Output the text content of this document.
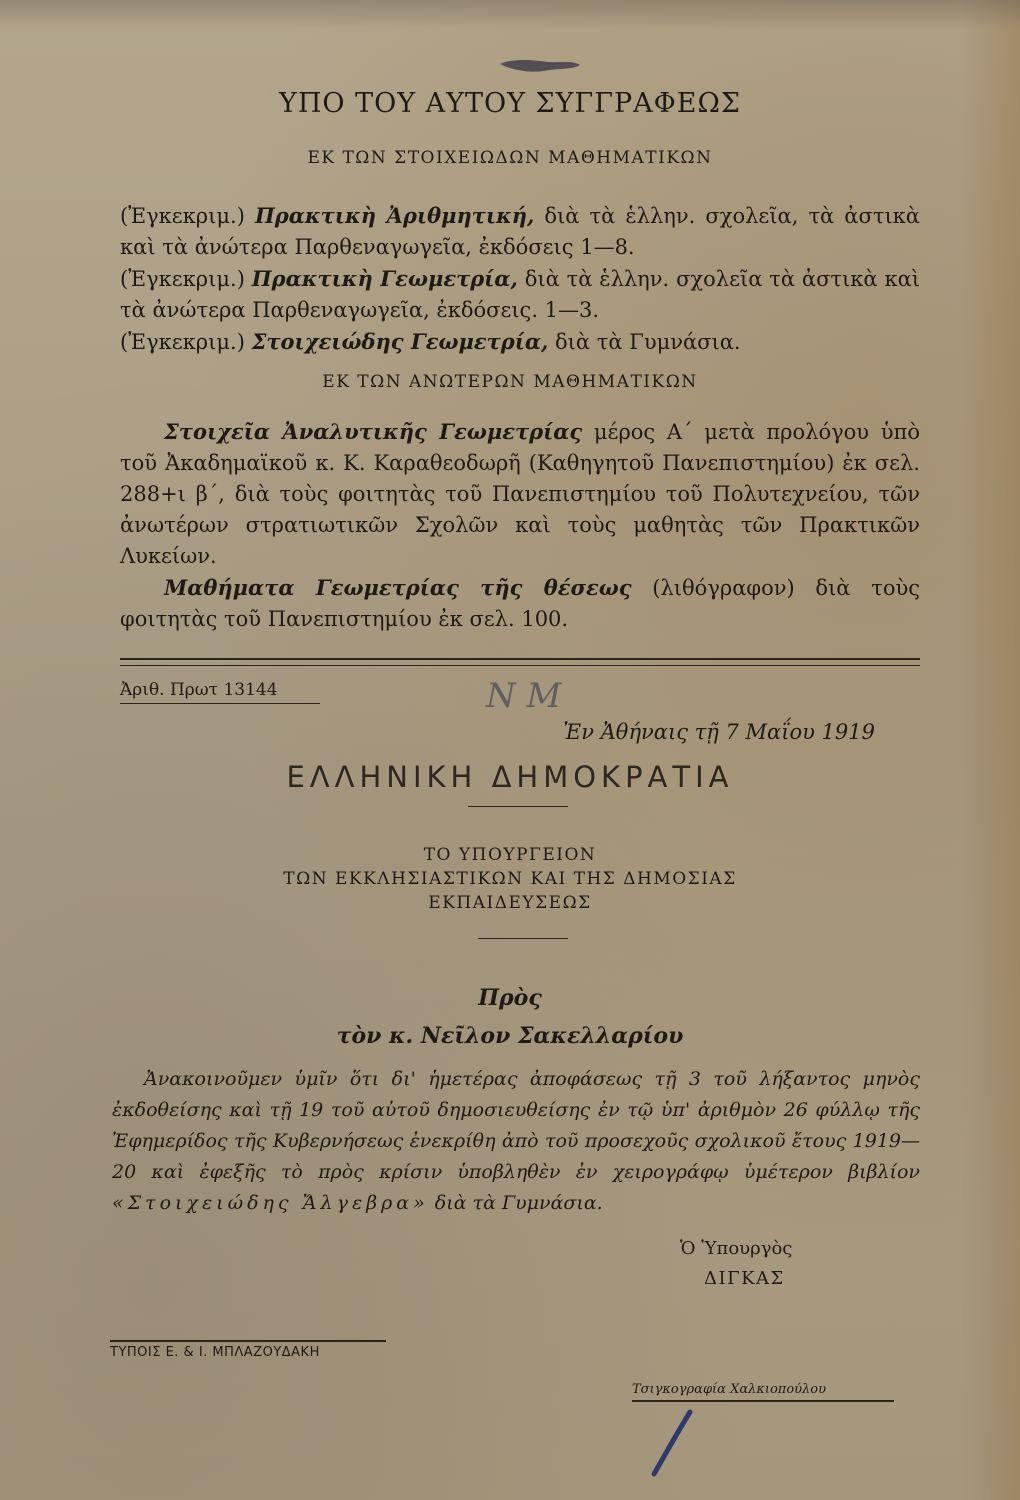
ΥΠΟ ΤΟΥ ΑΥΤΟΥ ΣΥΓΓΡΑΦΕΩΣ
ΕΚ ΤΩΝ ΣΤΟΙΧΕΙΩΔΩΝ ΜΑΘΗΜΑΤΙΚΩΝ
(Ἐγκεκριμ.) Πρακτικὴ Ἀριθμητική, διὰ τὰ ἑλλην. σχολεῖα, τὰ ἀστικὰ καὶ τὰ ἀνώτερα Παρθεναγωγεῖα, ἐκδόσεις 1—8.
(Ἐγκεκριμ.) Πρακτικὴ Γεωμετρία, διὰ τὰ ἑλλην. σχολεῖα τὰ ἀστικὰ καὶ τὰ ἀνώτερα Παρθεναγωγεῖα, ἐκδόσεις. 1—3.
(Ἐγκεκριμ.) Στοιχειώδης Γεωμετρία, διὰ τὰ Γυμνάσια.
ΕΚ ΤΩΝ ΑΝΩΤΕΡΩΝ ΜΑΘΗΜΑΤΙΚΩΝ
Στοιχεῖα Ἀναλυτικῆς Γεωμετρίας μέρος Α΄ μετὰ προλόγου ὑπὸ τοῦ Ἀκαδημαϊκοῦ κ. Κ. Καραθεοδωρῆ (Καθηγητοῦ Πανεπιστημίου) ἐκ σελ. 288+ι β΄, διὰ τοὺς φοιτητὰς τοῦ Πανεπιστημίου τοῦ Πολυτεχνείου, τῶν ἀνωτέρων στρατιωτικῶν Σχολῶν καὶ τοὺς μαθητὰς τῶν Πρακτικῶν Λυκείων.
Μαθήματα Γεωμετρίας τῆς θέσεως (λιθόγραφον) διὰ τοὺς φοιτητὰς τοῦ Πανεπιστημίου ἐκ σελ. 100.
Ἀριθ. Πρωτ 13144	N M
Ἐν Ἀθήναις τῇ 7 Μαΐου 1919
ΕΛΛΗΝΙΚΗ ΔΗΜΟΚΡΑΤΙΑ
ΤΟ ΥΠΟΥΡΓΕΙΟΝ
ΤΩΝ ΕΚΚΛΗΣΙΑΣΤΙΚΩΝ ΚΑΙ ΤΗΣ ΔΗΜΟΣΙΑΣ
ΕΚΠΑΙΔΕΥΣΕΩΣ
Πρὸς
τὸν κ. Νεῖλον Σακελλαρίου
Ἀνακοινοῦμεν ὑμῖν ὅτι δι' ἡμετέρας ἀποφάσεως τῇ 3 τοῦ λήξαντος μηνὸς ἐκδοθείσης καὶ τῇ 19 τοῦ αὐτοῦ δημοσιευθείσης ἐν τῷ ὑπ' ἀριθμὸν 26 φύλλῳ τῆς Ἐφημερίδος τῆς Κυβερνήσεως ἐνεκρίθη ἀπὸ τοῦ προσεχοῦς σχολικοῦ ἔτους 1919—20 καὶ ἐφεξῆς τὸ πρὸς κρίσιν ὑποβληθὲν ἐν χειρογράφῳ ὑμέτερον βιβλίον «Στοιχειώδης Ἄλγεβρα» διὰ τὰ Γυμνάσια.
Ὁ Ὑπουργὸς
ΔΙΓΚΑΣ
ΤΥΠΟΙΣ Ε. & Ι. ΜΠΛΑΖΟΥΔΑΚΗ
Τσιγκογραφία Χαλκιοπούλου
